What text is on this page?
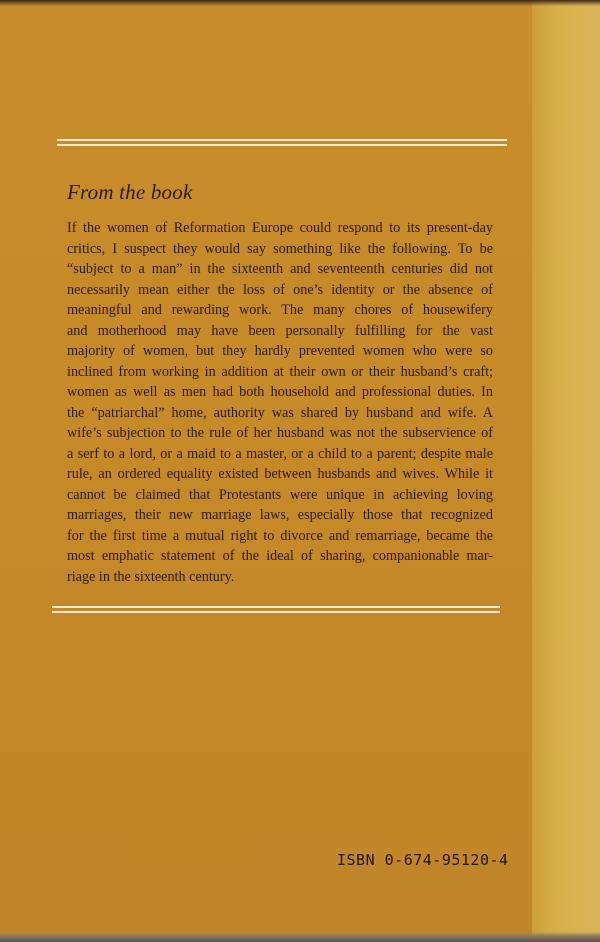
From the book
If the women of Reformation Europe could respond to its present-day
critics, I suspect they would say something like the following. To be
“subject to a man” in the sixteenth and seventeenth centuries did not
necessarily mean either the loss of one’s identity or the absence of
meaningful and rewarding work. The many chores of housewifery
and motherhood may have been personally fulfilling for the vast
majority of women, but they hardly prevented women who were so
inclined from working in addition at their own or their husband’s craft;
women as well as men had both household and professional duties. In
the “patriarchal” home, authority was shared by husband and wife. A
wife’s subjection to the rule of her husband was not the subservience of
a serf to a lord, or a maid to a master, or a child to a parent; despite male
rule, an ordered equality existed between husbands and wives. While it
cannot be claimed that Protestants were unique in achieving loving
marriages, their new marriage laws, especially those that recognized
for the first time a mutual right to divorce and remarriage, became the
most emphatic statement of the ideal of sharing, companionable mar-
riage in the sixteenth century.
ISBN 0-674-95120-4
